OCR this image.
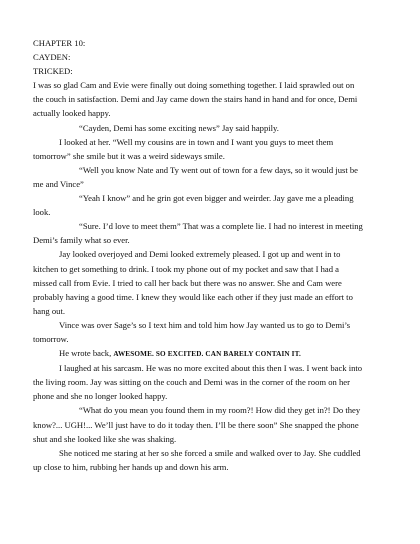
CHAPTER 10:

CAYDEN:

TRICKED:

I was so glad Cam and Evie were finally out doing something together. I laid sprawled out on the couch in satisfaction. Demi and Jay came down the stairs hand in hand and for once, Demi actually looked happy.

“Cayden, Demi has some exciting news” Jay said happily.

I looked at her. “Well my cousins are in town and I want you guys to meet them tomorrow” she smile but it was a weird sideways smile.

“Well you know Nate and Ty went out of town for a few days, so it would just be me and Vince”

“Yeah I know” and he grin got even bigger and weirder. Jay gave me a pleading look.

“Sure. I’d love to meet them” That was a complete lie. I had no interest in meeting Demi’s family what so ever.

Jay looked overjoyed and Demi looked extremely pleased. I got up and went in to kitchen to get something to drink. I took my phone out of my pocket and saw that I had a missed call from Evie. I tried to call her back but there was no answer. She and Cam were probably having a good time. I knew they would like each other if they just made an effort to hang out.

Vince was over Sage’s so I text him and told him how Jay wanted us to go to Demi’s tomorrow.

He wrote back, AWESOME. SO EXCITED. CAN BARELY CONTAIN IT.

I laughed at his sarcasm. He was no more excited about this then I was. I went back into the living room. Jay was sitting on the couch and Demi was in the corner of the room on her phone and she no longer looked happy.

“What do you mean you found them in my room?! How did they get in?! Do they know?... UGH!... We’ll just have to do it today then. I’ll be there soon” She snapped the phone shut and she looked like she was shaking.

She noticed me staring at her so she forced a smile and walked over to Jay. She cuddled up close to him, rubbing her hands up and down his arm.
